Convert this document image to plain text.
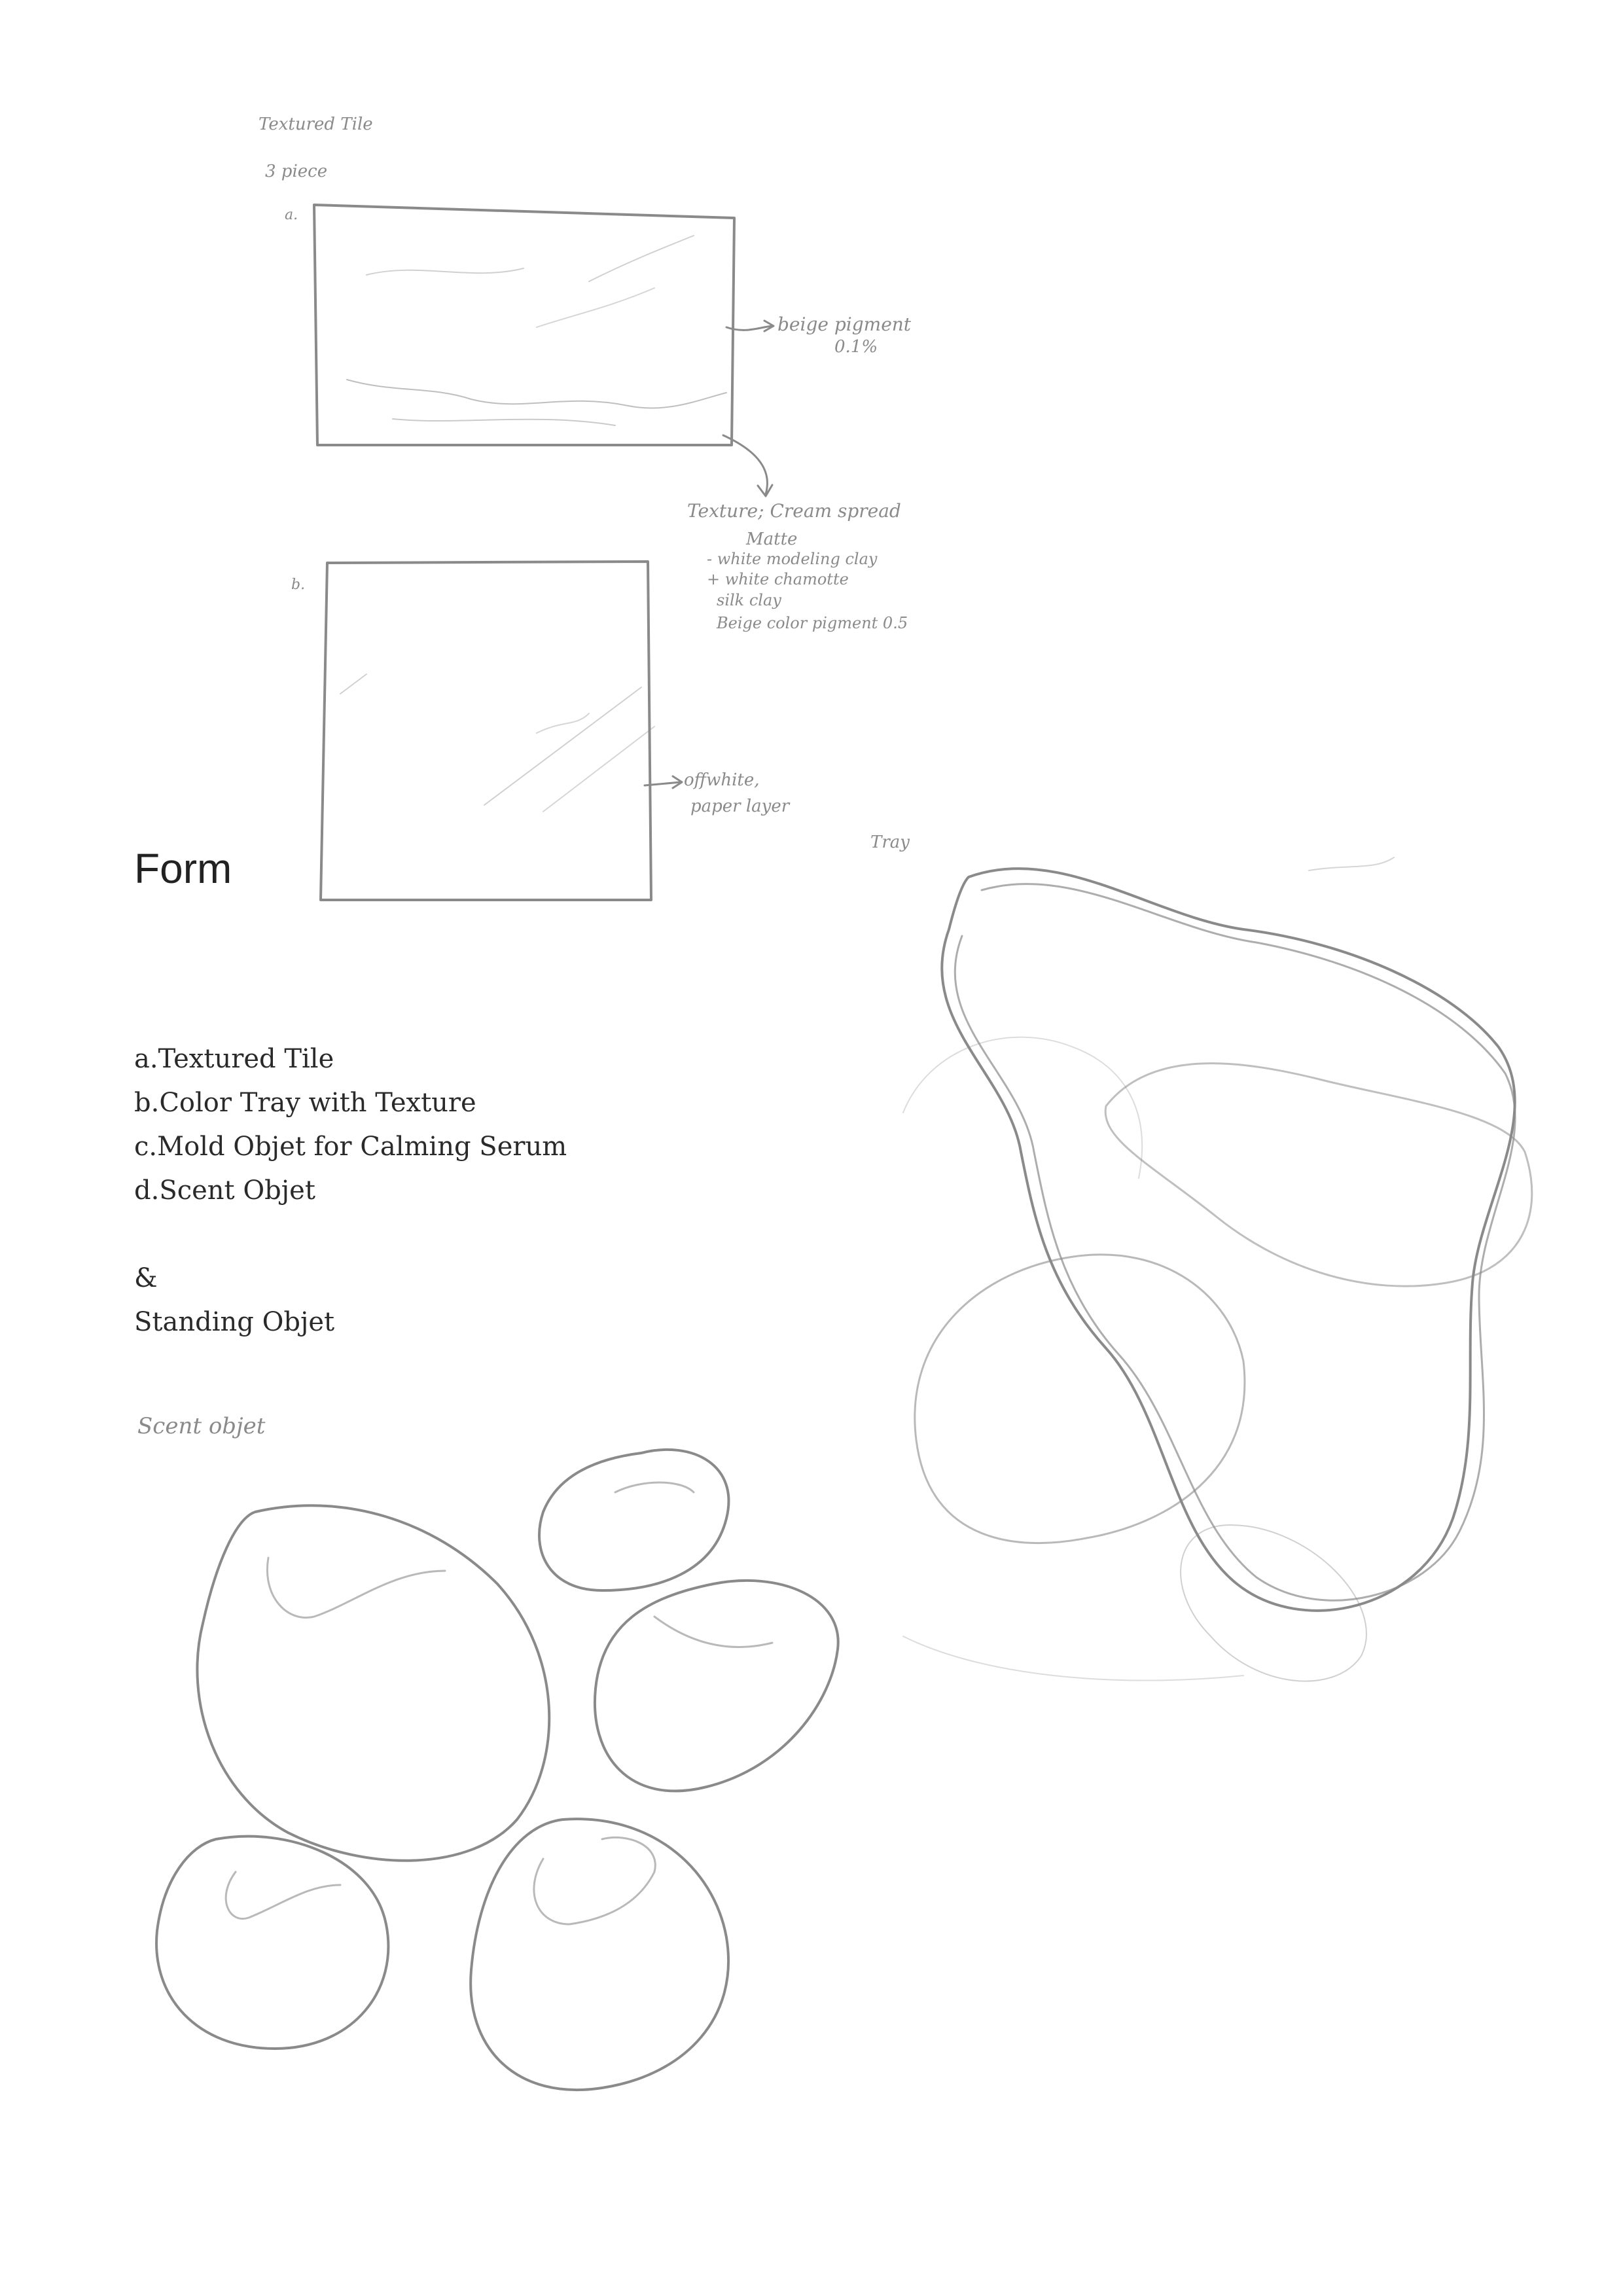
Textured Tile
3 piece
a.
b.
beige pigment
0.1%
Texture; Cream spread
Matte
- white modeling clay
+ white chamotte
silk clay
Beige color pigment 0.5
offwhite,
paper layer
Tray
Scent objet
Form
a.Textured Tile
b.Color Tray with Texture
c.Mold Objet for Calming Serum
d.Scent Objet
&
Standing Objet
